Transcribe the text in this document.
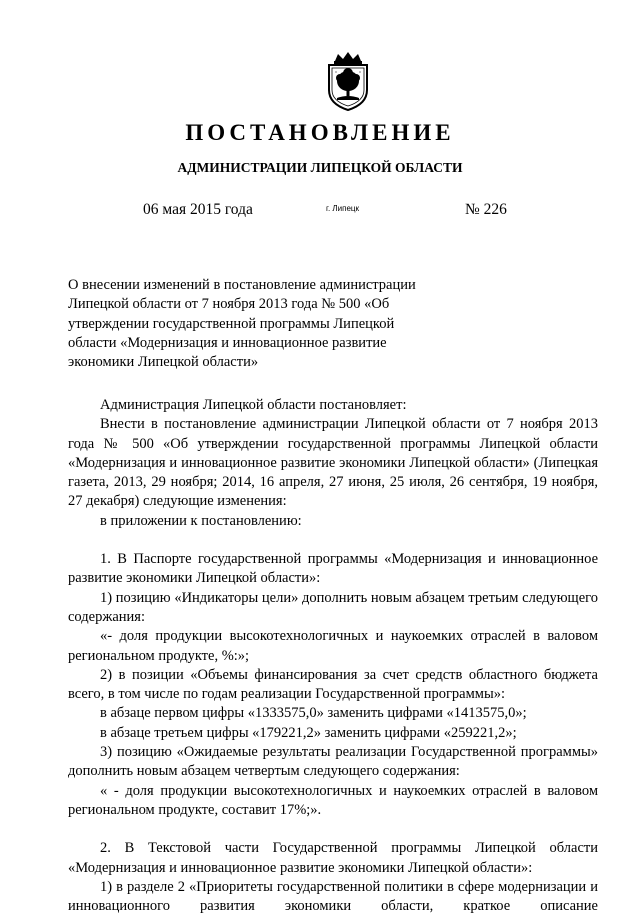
ПОСТАНОВЛЕНИЕ
АДМИНИСТРАЦИИ ЛИПЕЦКОЙ ОБЛАСТИ
06 мая 2015 года	г. Липецк	№ 226
О внесении изменений в постановление администрации
Липецкой области от 7 ноября 2013 года № 500 «Об
утверждении государственной программы Липецкой
области «Модернизация и инновационное развитие
экономики Липецкой области»

Администрация Липецкой области постановляет:

Внести в постановление администрации Липецкой области от 7 ноября 2013 года № 500 «Об утверждении государственной программы Липецкой области «Модернизация и инновационное развитие экономики Липецкой области» (Липецкая газета, 2013, 29 ноября; 2014, 16 апреля, 27 июня, 25 июля, 26 сентября, 19 ноября, 27 декабря) следующие изменения:

в приложении к постановлению:

1. В Паспорте государственной программы «Модернизация и инновационное развитие экономики Липецкой области»:

1) позицию «Индикаторы цели» дополнить новым абзацем третьим следующего содержания:

«- доля продукции высокотехнологичных и наукоемких отраслей в валовом региональном продукте, %:»;

2) в позиции «Объемы финансирования за счет средств областного бюджета всего, в том числе по годам реализации Государственной программы»:

в абзаце первом цифры «1333575,0» заменить цифрами «1413575,0»;

в абзаце третьем цифры «179221,2» заменить цифрами «259221,2»;

3) позицию «Ожидаемые результаты реализации Государственной программы» дополнить новым абзацем четвертым следующего содержания:

« - доля продукции высокотехнологичных и наукоемких отраслей в валовом региональном продукте, составит 17%;».

2. В Текстовой части Государственной программы Липецкой области «Модернизация и инновационное развитие экономики Липецкой области»:

1) в разделе 2 «Приоритеты государственной политики в сфере модернизации и инновационного развития экономики области, краткое описание
